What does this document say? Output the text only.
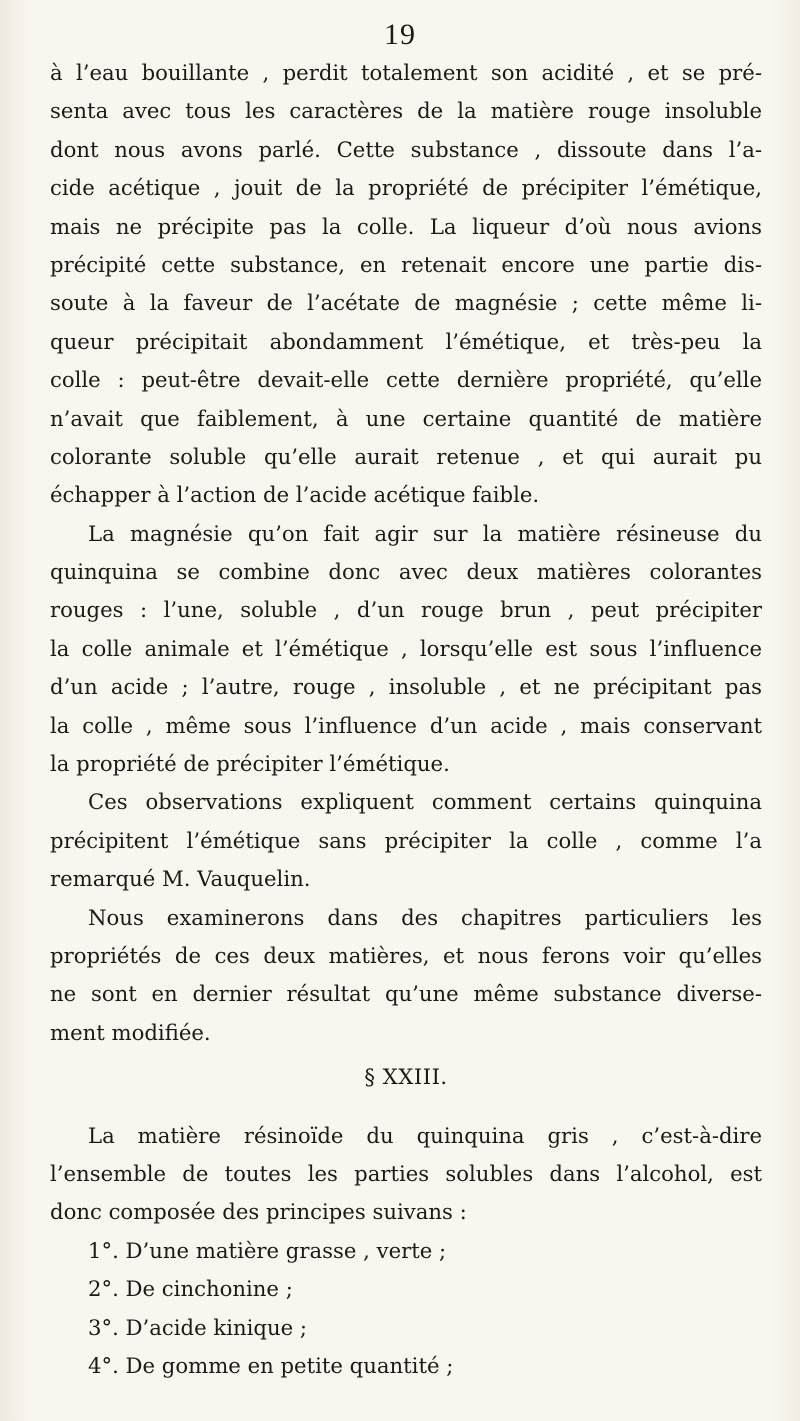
19
à l’eau bouillante , perdit totalement son acidité , et se pré-
senta avec tous les caractères de la matière rouge insoluble
dont nous avons parlé. Cette substance , dissoute dans l’a-
cide acétique , jouit de la propriété de précipiter l’émétique,
mais ne précipite pas la colle. La liqueur d’où nous avions
précipité cette substance, en retenait encore une partie dis-
soute à la faveur de l’acétate de magnésie ; cette même li-
queur précipitait abondamment l’émétique, et très-peu la
colle : peut-être devait-elle cette dernière propriété, qu’elle
n’avait que faiblement, à une certaine quantité de matière
colorante soluble qu’elle aurait retenue , et qui aurait pu
échapper à l’action de l’acide acétique faible.
La magnésie qu’on fait agir sur la matière résineuse du
quinquina se combine donc avec deux matières colorantes
rouges : l’une, soluble , d’un rouge brun , peut précipiter
la colle animale et l’émétique , lorsqu’elle est sous l’influence
d’un acide ; l’autre, rouge , insoluble , et ne précipitant pas
la colle , même sous l’influence d’un acide , mais conservant
la propriété de précipiter l’émétique.
Ces observations expliquent comment certains quinquina
précipitent l’émétique sans précipiter la colle , comme l’a
remarqué M. Vauquelin.
Nous examinerons dans des chapitres particuliers les
propriétés de ces deux matières, et nous ferons voir qu’elles
ne sont en dernier résultat qu’une même substance diverse-
ment modifiée.
§ XXIII.
La matière résinoïde du quinquina gris , c’est-à-dire
l’ensemble de toutes les parties solubles dans l’alcohol, est
donc composée des principes suivans :
1°. D’une matière grasse , verte ;
2°. De cinchonine ;
3°. D’acide kinique ;
4°. De gomme en petite quantité ;
